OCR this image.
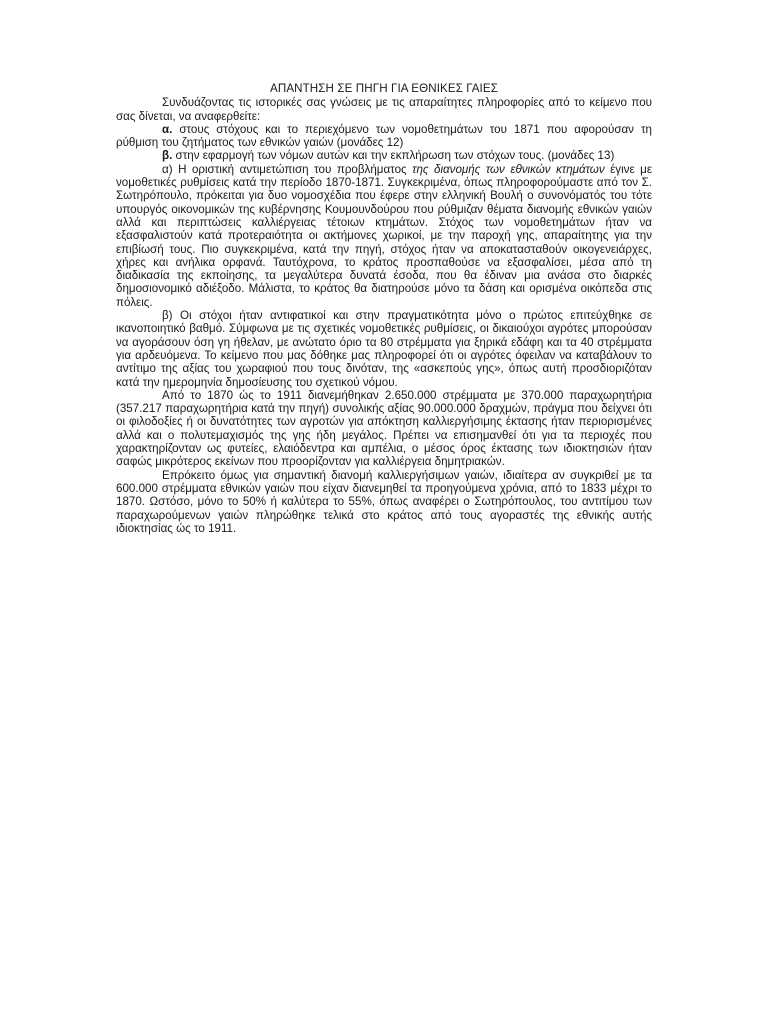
ΑΠΑΝΤΗΣΗ ΣΕ ΠΗΓΗ ΓΙΑ ΕΘΝΙΚΕΣ ΓΑΙΕΣ

Συνδυάζοντας τις ιστορικές σας γνώσεις με τις απαραίτητες πληροφορίες από το κείμενο που σας δίνεται, να αναφερθείτε:

α. στους στόχους και το περιεχόμενο των νομοθετημάτων του 1871 που αφορούσαν τη ρύθμιση του ζητήματος των εθνικών γαιών (μονάδες 12)

β. στην εφαρμογή των νόμων αυτών και την εκπλήρωση των στόχων τους. (μονάδες 13)

α) Η οριστική αντιμετώπιση του προβλήματος της διανομής των εθνικών κτημάτων έγινε με νομοθετικές ρυθμίσεις κατά την περίοδο 1870-1871. Συγκεκριμένα, όπως πληροφορούμαστε από τον Σ. Σωτηρόπουλο, πρόκειται για δυο νομοσχέδια που έφερε στην ελληνική Βουλή ο συνονόματός του τότε υπουργός οικονομικών της κυβέρνησης Κουμουνδούρου που ρύθμιζαν θέματα διανομής εθνικών γαιών αλλά και περιπτώσεις καλλιέργειας τέτοιων κτημάτων. Στόχος των νομοθετημάτων ήταν να εξασφαλιστούν κατά προτεραιότητα οι ακτήμονες χωρικοί, με την παροχή γης, απαραίτητης για την επιβίωσή τους. Πιο συγκεκριμένα, κατά την πηγή, στόχος ήταν να αποκατασταθούν οικογενειάρχες, χήρες και ανήλικα ορφανά. Ταυτόχρονα, το κράτος προσπαθούσε να εξασφαλίσει, μέσα από τη διαδικασία της εκποίησης, τα μεγαλύτερα δυνατά έσοδα, που θα έδιναν μια ανάσα στο διαρκές δημοσιονομικό αδιέξοδο. Μάλιστα, το κράτος θα διατηρούσε μόνο τα δάση και ορισμένα οικόπεδα στις πόλεις.

β) Οι στόχοι ήταν αντιφατικοί και στην πραγματικότητα μόνο ο πρώτος επιτεύχθηκε σε ικανοποιητικό βαθμό. Σύμφωνα με τις σχετικές νομοθετικές ρυθμίσεις, οι δικαιούχοι αγρότες μπορούσαν να αγοράσουν όση γη ήθελαν, με ανώτατο όριο τα 80 στρέμματα για ξηρικά εδάφη και τα 40 στρέμματα για αρδευόμενα. Το κείμενο που μας δόθηκε μας πληροφορεί ότι οι αγρότες όφειλαν να καταβάλουν το αντίτιμο της αξίας του χωραφιού που τους δινόταν, της «ασκεπούς γης», όπως αυτή προσδιοριζόταν κατά την ημερομηνία δημοσίευσης του σχετικού νόμου.

Από το 1870 ώς το 1911 διανεμήθηκαν 2.650.000 στρέμματα με 370.000 παραχωρητήρια (357.217 παραχωρητήρια κατά την πηγή) συνολικής αξίας 90.000.000 δραχμών, πράγμα που δείχνει ότι οι φιλοδοξίες ή οι δυνατότητες των αγροτών για απόκτηση καλλιεργήσιμης έκτασης ήταν περιορισμένες αλλά και ο πολυτεμαχισμός της γης ήδη μεγάλος. Πρέπει να επισημανθεί ότι για τα περιοχές που χαρακτηρίζονταν ως φυτείες, ελαιόδεντρα και αμπέλια, ο μέσος όρος έκτασης των ιδιοκτησιών ήταν σαφώς μικρότερος εκείνων που προορίζονταν για καλλιέργεια δημητριακών.

Επρόκειτο όμως για σημαντική διανομή καλλιεργήσιμων γαιών, ιδιαίτερα αν συγκριθεί με τα 600.000 στρέμματα εθνικών γαιών που είχαν διανεμηθεί τα προηγούμενα χρόνια, από το 1833 μέχρι το 1870. Ωστόσο, μόνο το 50% ή καλύτερα το 55%, όπως αναφέρει ο Σωτηρόπουλος, του αντιτίμου των παραχωρούμενων γαιών πληρώθηκε τελικά στο κράτος από τους αγοραστές της εθνικής αυτής ιδιοκτησίας ώς το 1911.
